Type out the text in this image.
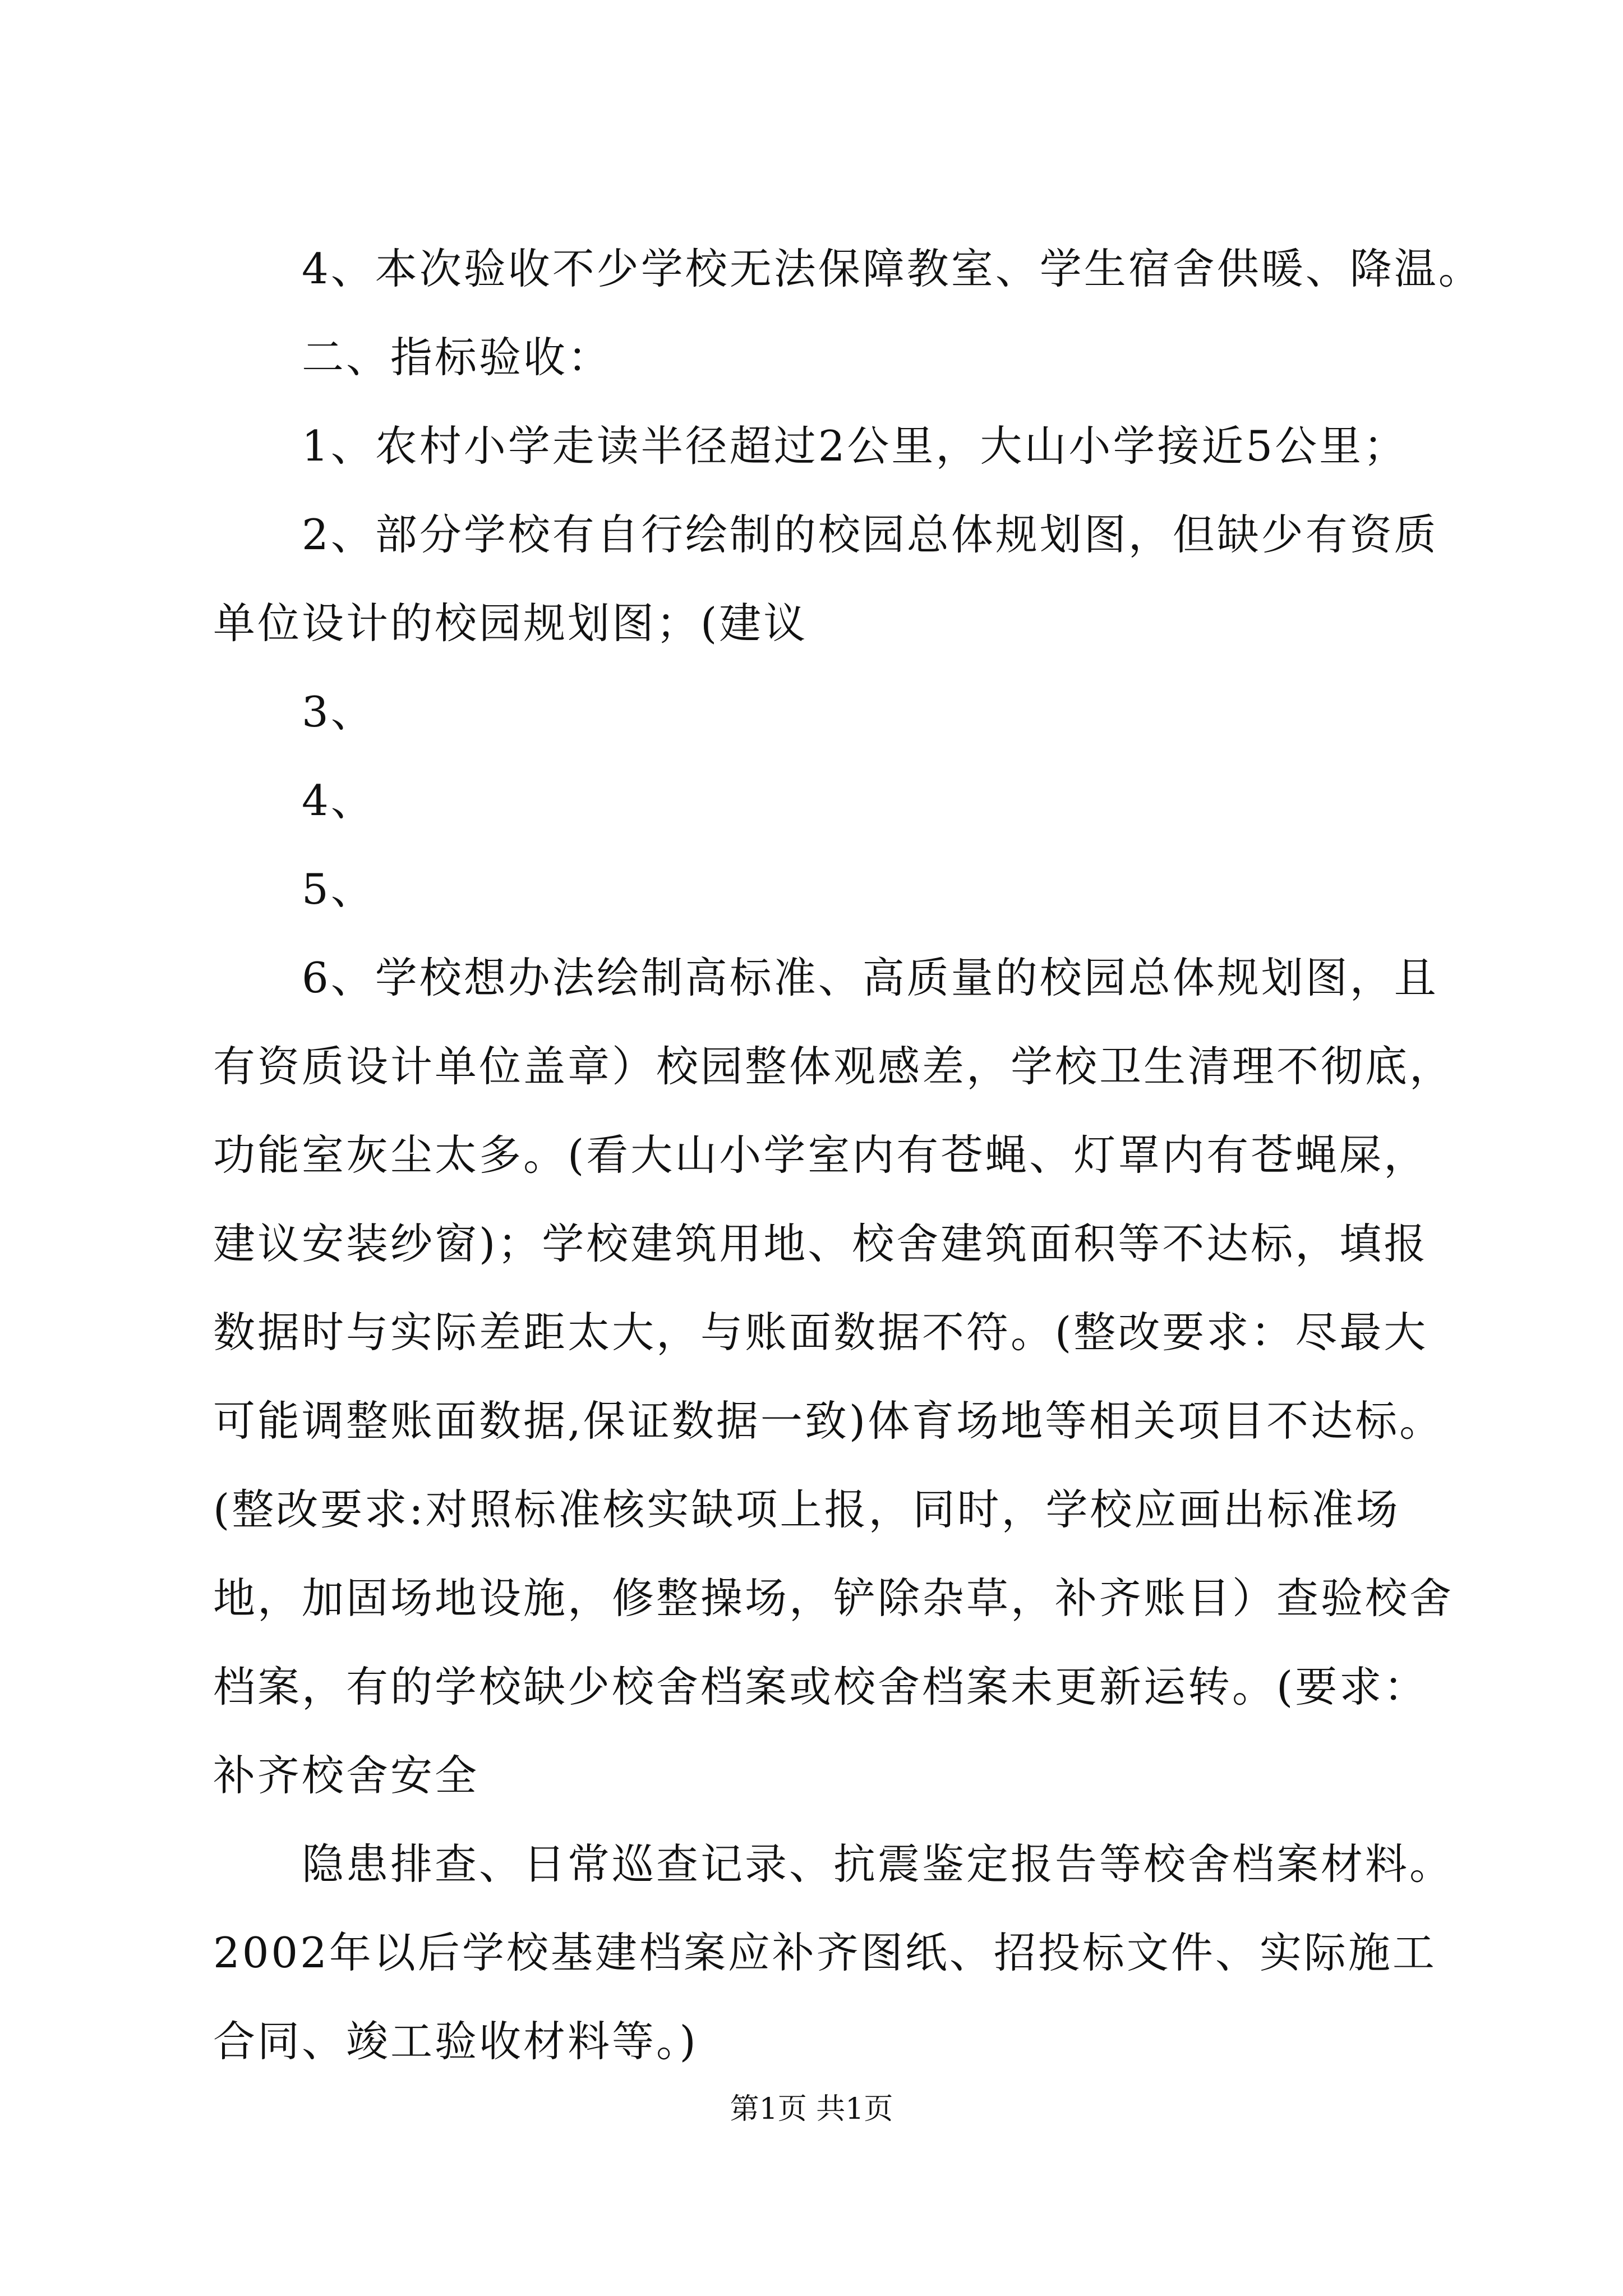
4、本次验收不少学校无法保障教室、学生宿舍供暖、降温。
二、指标验收：
1、农村小学走读半径超过2公里，大山小学接近5公里；
2、部分学校有自行绘制的校园总体规划图，但缺少有资质
单位设计的校园规划图；(建议
3、
4、
5、
6、学校想办法绘制高标准、高质量的校园总体规划图，且
有资质设计单位盖章）校园整体观感差，学校卫生清理不彻底，
功能室灰尘太多。(看大山小学室内有苍蝇、灯罩内有苍蝇屎，
建议安装纱窗)；学校建筑用地、校舍建筑面积等不达标，填报
数据时与实际差距太大，与账面数据不符。(整改要求：尽最大
可能调整账面数据,保证数据一致)体育场地等相关项目不达标。
(整改要求:对照标准核实缺项上报，同时，学校应画出标准场
地，加固场地设施，修整操场，铲除杂草，补齐账目）查验校舍
档案，有的学校缺少校舍档案或校舍档案未更新运转。(要求：
补齐校舍安全
隐患排查、日常巡查记录、抗震鉴定报告等校舍档案材料。
2002年以后学校基建档案应补齐图纸、招投标文件、实际施工
合同、竣工验收材料等。)
第1页 共1页
